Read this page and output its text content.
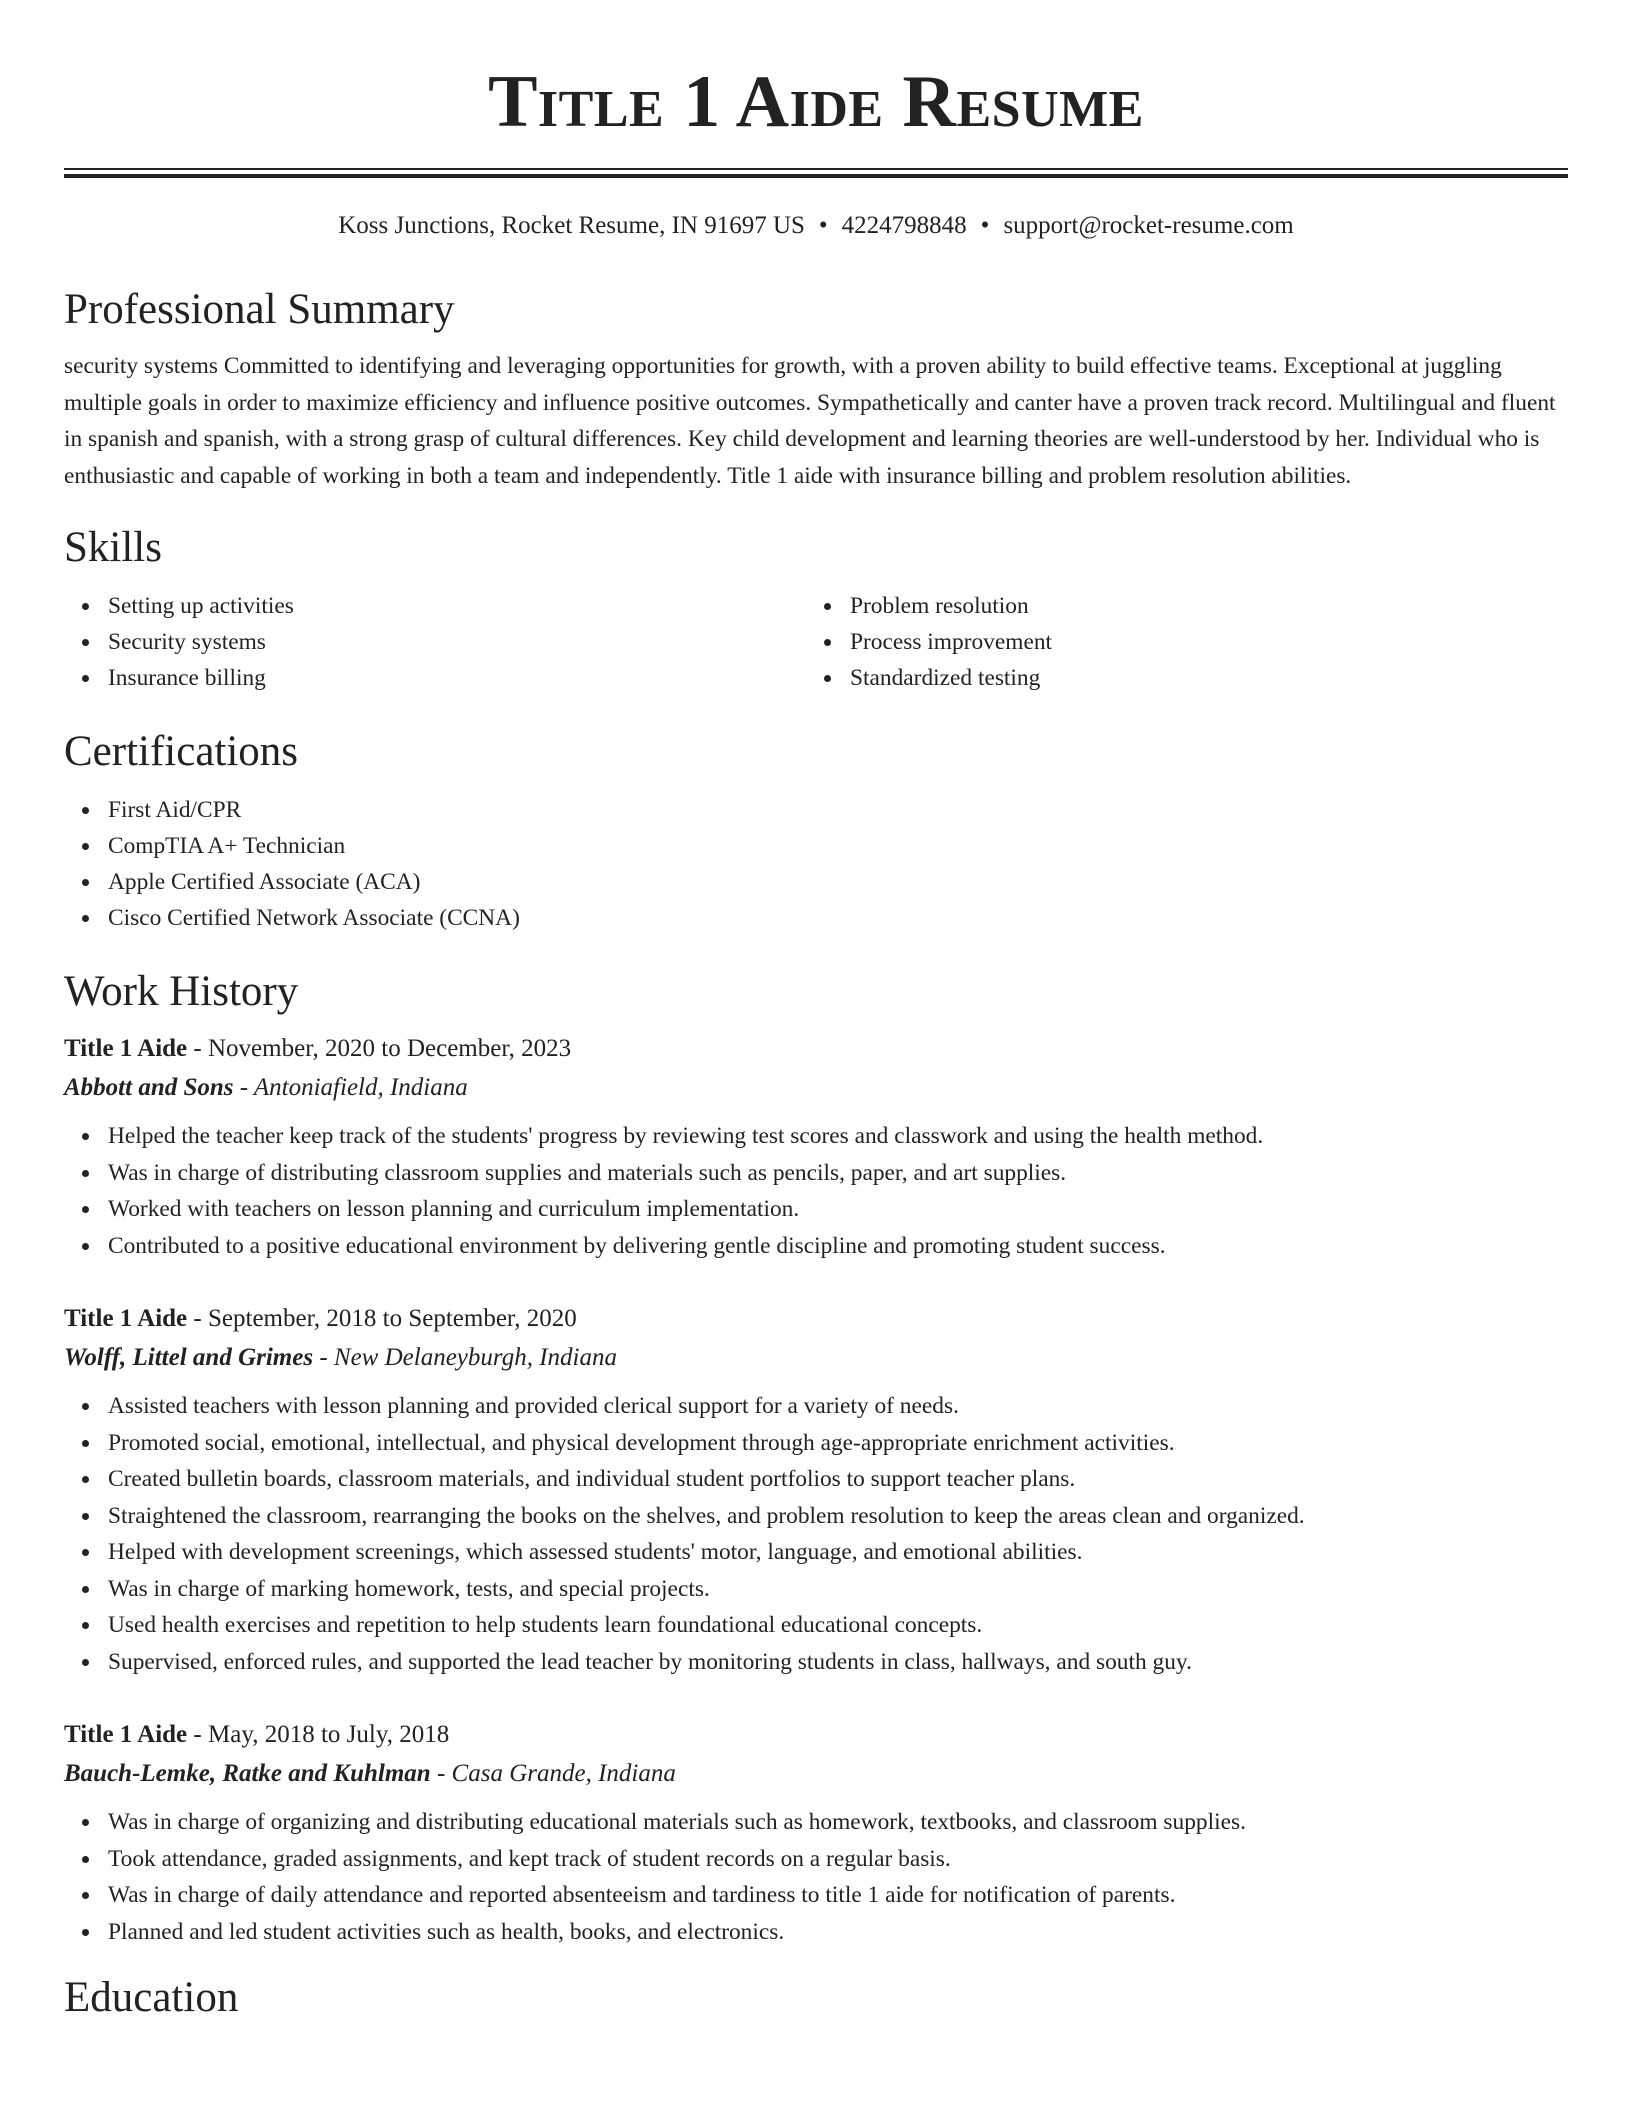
Title 1 Aide Resume
Koss Junctions, Rocket Resume, IN 91697 US • 4224798848 • support@rocket-resume.com
Professional Summary

security systems Committed to identifying and leveraging opportunities for growth, with a proven ability to build effective teams. Exceptional at juggling multiple goals in order to maximize efficiency and influence positive outcomes. Sympathetically and canter have a proven track record. Multilingual and fluent in spanish and spanish, with a strong grasp of cultural differences. Key child development and learning theories are well-understood by her. Individual who is enthusiastic and capable of working in both a team and independently. Title 1 aide with insurance billing and problem resolution abilities.

Skills
Setting up activities
Security systems
Insurance billing
Problem resolution
Process improvement
Standardized testing
Certifications
First Aid/CPR
CompTIA A+ Technician
Apple Certified Associate (ACA)
Cisco Certified Network Associate (CCNA)
Work History
Title 1 Aide - November, 2020 to December, 2023
Abbott and Sons - Antoniafield, Indiana
Helped the teacher keep track of the students' progress by reviewing test scores and classwork and using the health method.
Was in charge of distributing classroom supplies and materials such as pencils, paper, and art supplies.
Worked with teachers on lesson planning and curriculum implementation.
Contributed to a positive educational environment by delivering gentle discipline and promoting student success.
Title 1 Aide - September, 2018 to September, 2020
Wolff, Littel and Grimes - New Delaneyburgh, Indiana
Assisted teachers with lesson planning and provided clerical support for a variety of needs.
Promoted social, emotional, intellectual, and physical development through age-appropriate enrichment activities.
Created bulletin boards, classroom materials, and individual student portfolios to support teacher plans.
Straightened the classroom, rearranging the books on the shelves, and problem resolution to keep the areas clean and organized.
Helped with development screenings, which assessed students' motor, language, and emotional abilities.
Was in charge of marking homework, tests, and special projects.
Used health exercises and repetition to help students learn foundational educational concepts.
Supervised, enforced rules, and supported the lead teacher by monitoring students in class, hallways, and south guy.
Title 1 Aide - May, 2018 to July, 2018
Bauch-Lemke, Ratke and Kuhlman - Casa Grande, Indiana
Was in charge of organizing and distributing educational materials such as homework, textbooks, and classroom supplies.
Took attendance, graded assignments, and kept track of student records on a regular basis.
Was in charge of daily attendance and reported absenteeism and tardiness to title 1 aide for notification of parents.
Planned and led student activities such as health, books, and electronics.
Education
